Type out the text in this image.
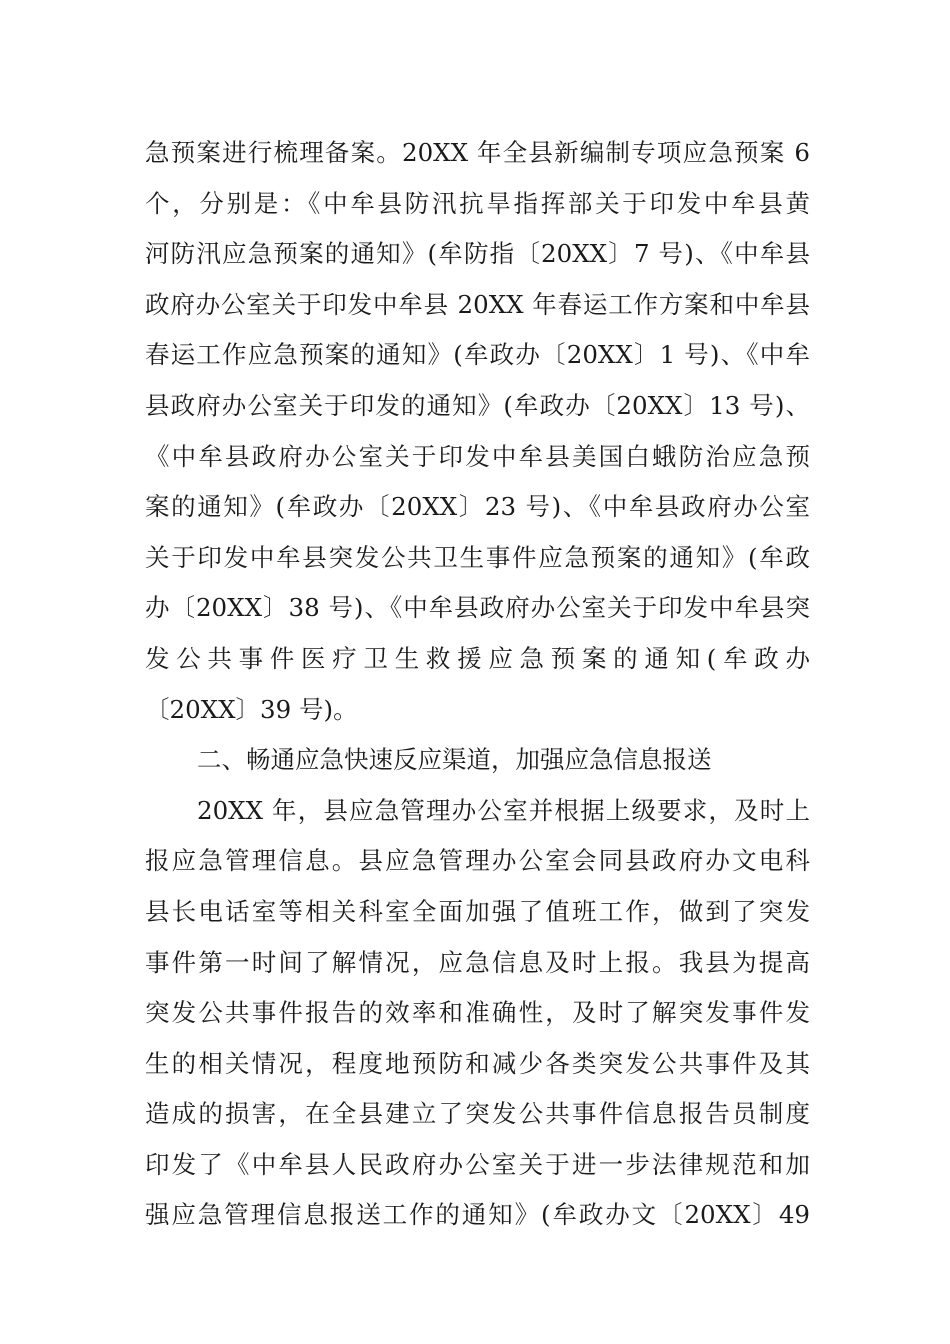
急预案进行梳理备案。20XX 年全县新编制专项应急预案 6
个，分别是：《中牟县防汛抗旱指挥部关于印发中牟县黄
河防汛应急预案的通知》(牟防指〔20XX〕7 号)、《中牟县
政府办公室关于印发中牟县 20XX 年春运工作方案和中牟县
春运工作应急预案的通知》(牟政办〔20XX〕1 号)、《中牟
县政府办公室关于印发的通知》(牟政办〔20XX〕13 号)、
《中牟县政府办公室关于印发中牟县美国白蛾防治应急预
案的通知》(牟政办〔20XX〕23 号)、《中牟县政府办公室
关于印发中牟县突发公共卫生事件应急预案的通知》(牟政
办〔20XX〕38 号)、《中牟县政府办公室关于印发中牟县突
发公共事件医疗卫生救援应急预案的通知(牟政办
〔20XX〕39 号)。
二、畅通应急快速反应渠道，加强应急信息报送
20XX 年，县应急管理办公室并根据上级要求，及时上
报应急管理信息。县应急管理办公室会同县政府办文电科
县长电话室等相关科室全面加强了值班工作，做到了突发
事件第一时间了解情况，应急信息及时上报。我县为提高
突发公共事件报告的效率和准确性，及时了解突发事件发
生的相关情况，程度地预防和减少各类突发公共事件及其
造成的损害，在全县建立了突发公共事件信息报告员制度
印发了《中牟县人民政府办公室关于进一步法律规范和加
强应急管理信息报送工作的通知》(牟政办文〔20XX〕49
